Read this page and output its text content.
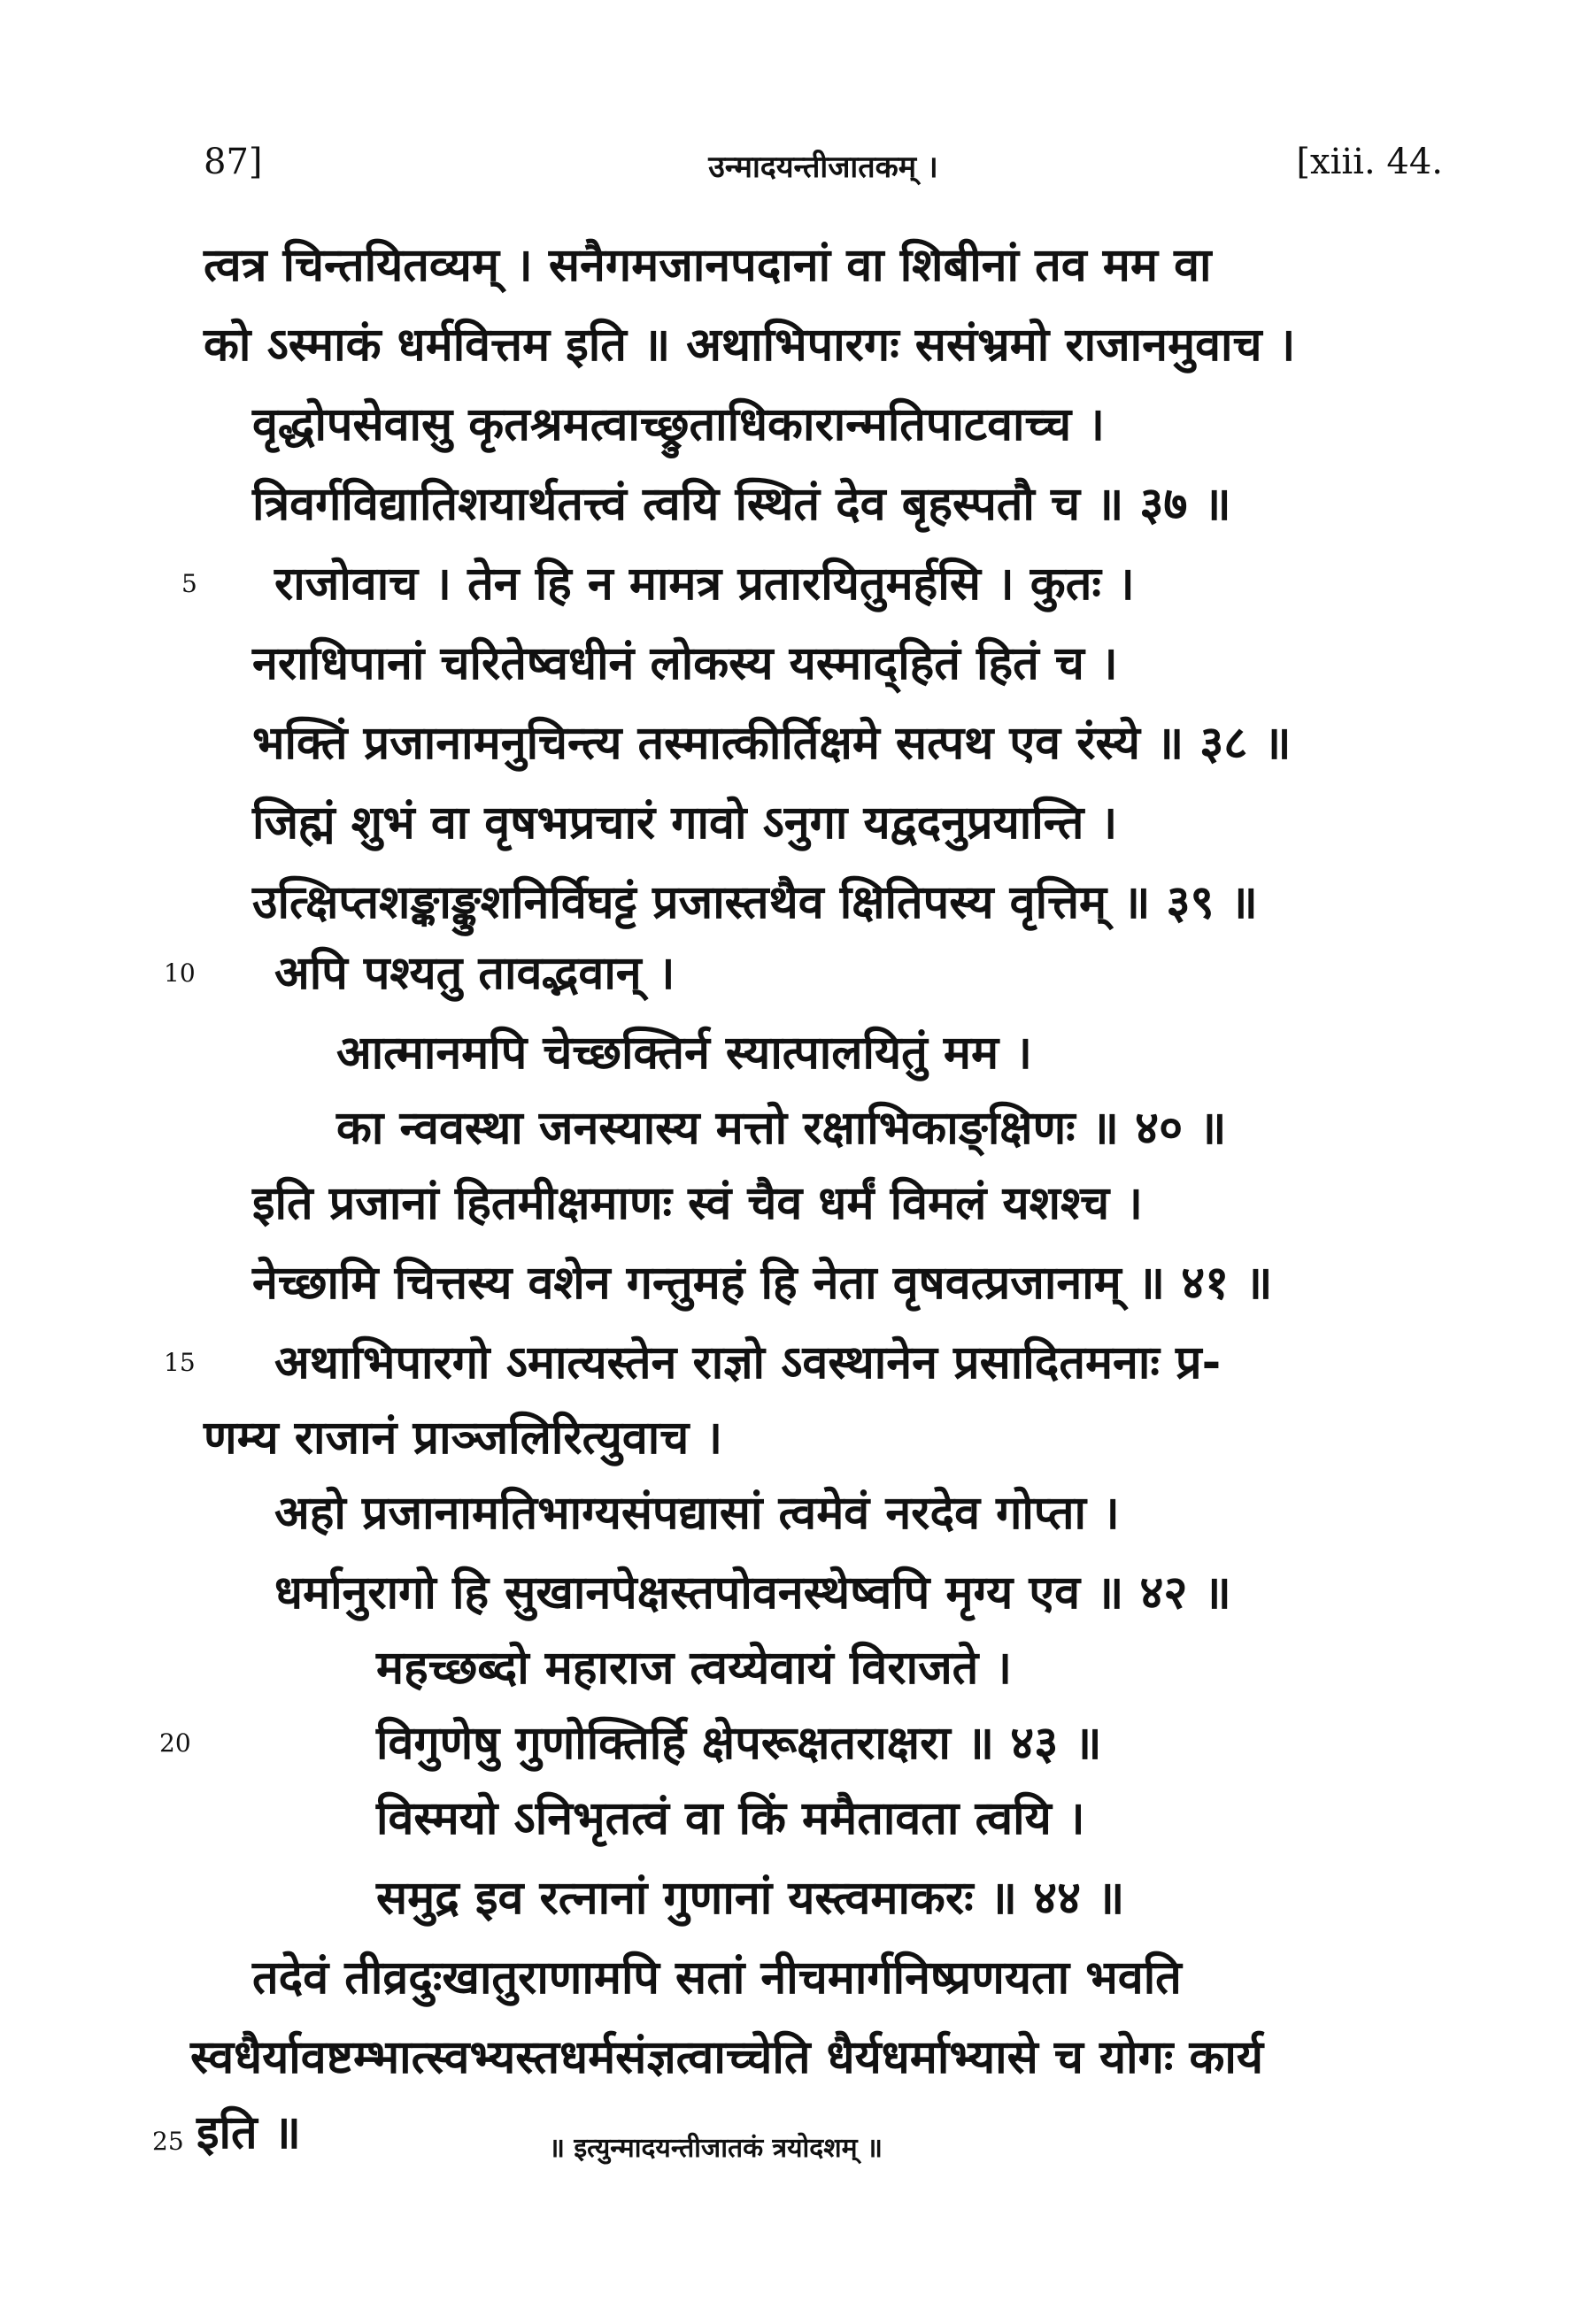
87]	उन्मादयन्तीजातकम् ।	[xiii. 44.
त्वत्र चिन्तयितव्यम् । सनैगमजानपदानां वा शिबीनां तव मम वा
को ऽस्माकं धर्मवित्तम इति ॥ अथाभिपारगः ससंभ्रमो राजानमुवाच ।
वृद्धोपसेवासु कृतश्रमत्वाच्छ्रुताधिकारान्मतिपाटवाच्च ।
त्रिवर्गविद्यातिशयार्थतत्त्वं त्वयि स्थितं देव बृहस्पतौ च ॥ ३७ ॥
5 राजोवाच । तेन हि न मामत्र प्रतारयितुमर्हसि । कुतः ।
नराधिपानां चरितेष्वधीनं लोकस्य यस्माद्हितं हितं च ।
भक्तिं प्रजानामनुचिन्त्य तस्मात्कीर्तिक्षमे सत्पथ एव रंस्ये ॥ ३८ ॥
जिह्मं शुभं वा वृषभप्रचारं गावो ऽनुगा यद्वदनुप्रयान्ति ।
उत्क्षिप्तशङ्काङ्कुशनिर्विघट्टं प्रजास्तथैव क्षितिपस्य वृत्तिम् ॥ ३९ ॥
10 अपि पश्यतु तावद्भवान् ।
आत्मानमपि चेच्छक्तिर्न स्यात्पालयितुं मम ।
का न्ववस्था जनस्यास्य मत्तो रक्षाभिकाङ्क्षिणः ॥ ४० ॥
इति प्रजानां हितमीक्षमाणः स्वं चैव धर्मं विमलं यशश्च ।
नेच्छामि चित्तस्य वशेन गन्तुमहं हि नेता वृषवत्प्रजानाम् ॥ ४१ ॥
15 अथाभिपारगो ऽमात्यस्तेन राज्ञो ऽवस्थानेन प्रसादितमनाः प्र-
णम्य राजानं प्राञ्जलिरित्युवाच ।
अहो प्रजानामतिभाग्यसंपद्यासां त्वमेवं नरदेव गोप्ता ।
धर्मानुरागो हि सुखानपेक्षस्तपोवनस्थेष्वपि मृग्य एव ॥ ४२ ॥
महच्छब्दो महाराज त्वय्येवायं विराजते ।
20	विगुणेषु गुणोक्तिर्हि क्षेपरूक्षतराक्षरा ॥ ४३ ॥
विस्मयो ऽनिभृतत्वं वा किं ममैतावता त्वयि ।
समुद्र इव रत्नानां गुणानां यस्त्वमाकरः ॥ ४४ ॥
तदेवं तीव्रदुःखातुराणामपि सतां नीचमार्गनिष्प्रणयता भवति
स्वधैर्यावष्टम्भात्स्वभ्यस्तधर्मसंज्ञत्वाच्चेति धैर्यधर्माभ्यासे च योगः कार्य
25 इति ॥	॥ इत्युन्मादयन्तीजातकं त्रयोदशम् ॥
